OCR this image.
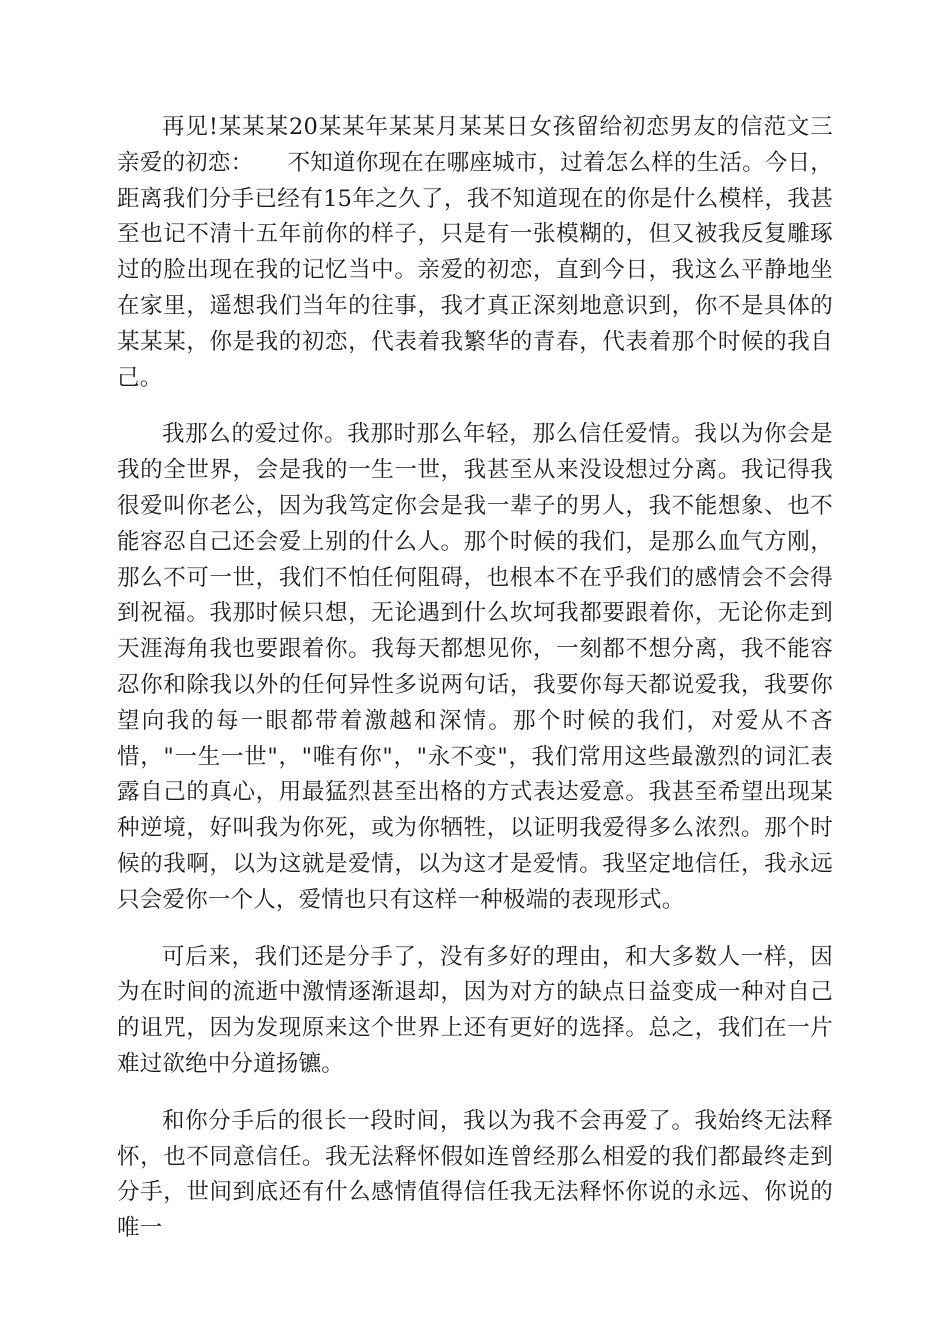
再见!某某某20某某年某某月某某日女孩留给初恋男友的信范文三亲爱的初恋：　　不知道你现在在哪座城市，过着怎么样的生活。今日，距离我们分手已经有15年之久了，我不知道现在的你是什么模样，我甚至也记不清十五年前你的样子，只是有一张模糊的，但又被我反复雕琢过的脸出现在我的记忆当中。亲爱的初恋，直到今日，我这么平静地坐在家里，遥想我们当年的往事，我才真正深刻地意识到，你不是具体的某某某，你是我的初恋，代表着我繁华的青春，代表着那个时候的我自己。

我那么的爱过你。我那时那么年轻，那么信任爱情。我以为你会是我的全世界，会是我的一生一世，我甚至从来没设想过分离。我记得我很爱叫你老公，因为我笃定你会是我一辈子的男人，我不能想象、也不能容忍自己还会爱上别的什么人。那个时候的我们，是那么血气方刚，那么不可一世，我们不怕任何阻碍，也根本不在乎我们的感情会不会得到祝福。我那时候只想，无论遇到什么坎坷我都要跟着你，无论你走到天涯海角我也要跟着你。我每天都想见你，一刻都不想分离，我不能容忍你和除我以外的任何异性多说两句话，我要你每天都说爱我，我要你望向我的每一眼都带着激越和深情。那个时候的我们，对爱从不吝惜，"一生一世"，"唯有你"，"永不变"，我们常用这些最激烈的词汇表露自己的真心，用最猛烈甚至出格的方式表达爱意。我甚至希望出现某种逆境，好叫我为你死，或为你牺牲，以证明我爱得多么浓烈。那个时候的我啊，以为这就是爱情，以为这才是爱情。我坚定地信任，我永远只会爱你一个人，爱情也只有这样一种极端的表现形式。

可后来，我们还是分手了，没有多好的理由，和大多数人一样，因为在时间的流逝中激情逐渐退却，因为对方的缺点日益变成一种对自己的诅咒，因为发现原来这个世界上还有更好的选择。总之，我们在一片难过欲绝中分道扬镳。

和你分手后的很长一段时间，我以为我不会再爱了。我始终无法释怀，也不同意信任。我无法释怀假如连曾经那么相爱的我们都最终走到分手，世间到底还有什么感情值得信任我无法释怀你说的永远、你说的唯一
